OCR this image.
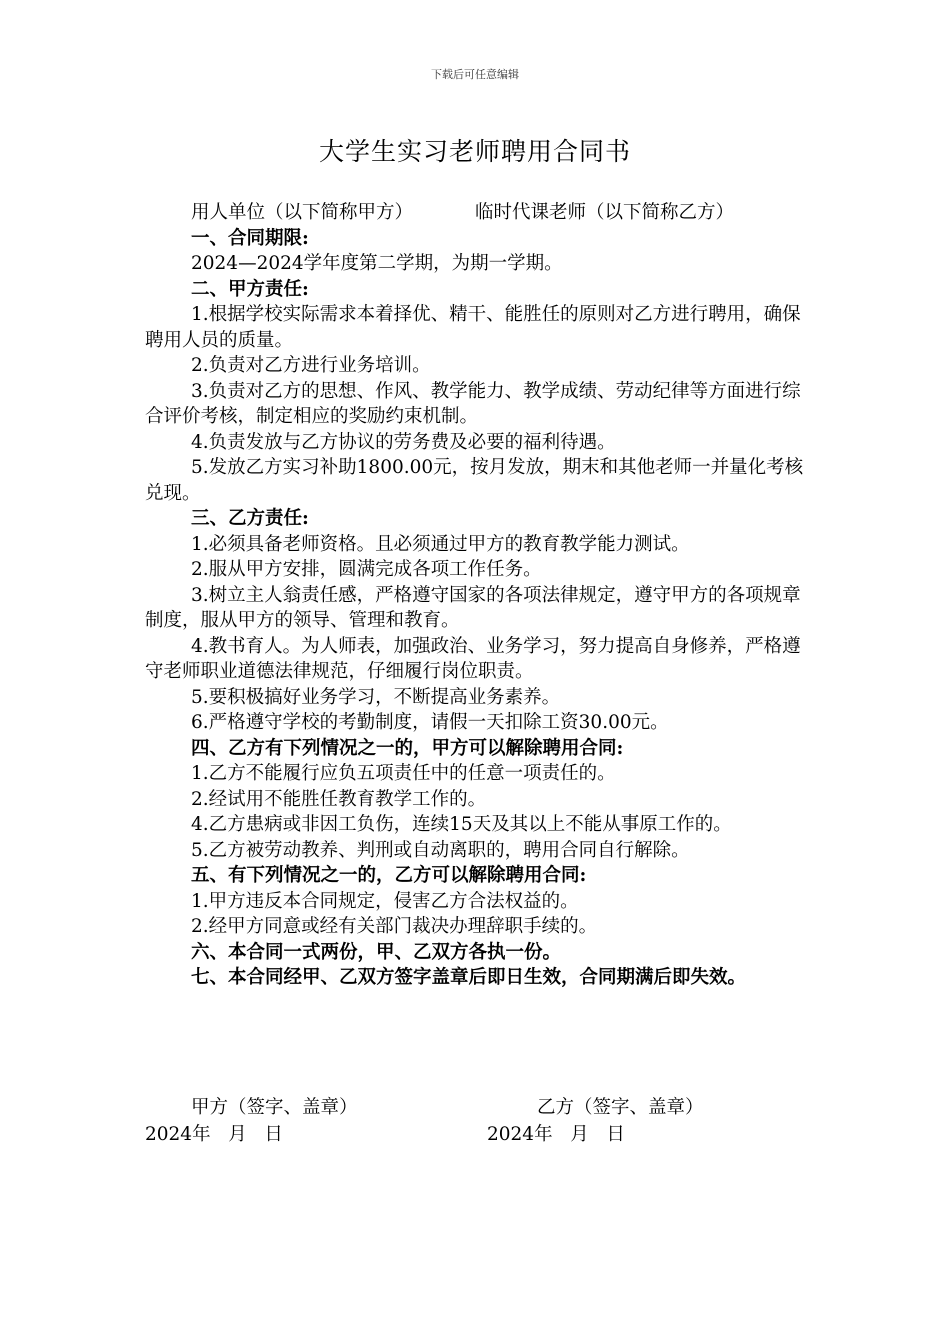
下载后可任意编辑
大学生实习老师聘用合同书

用人单位（以下简称甲方）	临时代课老师（以下简称乙方）

一、合同期限:

2024—2024学年度第二学期，为期一学期。

二、甲方责任:

1.根据学校实际需求本着择优、精干、能胜任的原则对乙方进行聘用，确保聘用人员的质量。

2.负责对乙方进行业务培训。

3.负责对乙方的思想、作风、教学能力、教学成绩、劳动纪律等方面进行综合评价考核，制定相应的奖励约束机制。

4.负责发放与乙方协议的劳务费及必要的福利待遇。

5.发放乙方实习补助1800.00元，按月发放，期末和其他老师一并量化考核兑现。

三、乙方责任:

1.必须具备老师资格。且必须通过甲方的教育教学能力测试。

2.服从甲方安排，圆满完成各项工作任务。

3.树立主人翁责任感，严格遵守国家的各项法律规定，遵守甲方的各项规章制度，服从甲方的领导、管理和教育。

4.教书育人。为人师表，加强政治、业务学习，努力提高自身修养，严格遵守老师职业道德法律规范，仔细履行岗位职责。

5.要积极搞好业务学习，不断提高业务素养。

6.严格遵守学校的考勤制度，请假一天扣除工资30.00元。

四、乙方有下列情况之一的，甲方可以解除聘用合同:

1.乙方不能履行应负五项责任中的任意一项责任的。

2.经试用不能胜任教育教学工作的。

4.乙方患病或非因工负伤，连续15天及其以上不能从事原工作的。

5.乙方被劳动教养、判刑或自动离职的，聘用合同自行解除。

五、有下列情况之一的，乙方可以解除聘用合同:

1.甲方违反本合同规定，侵害乙方合法权益的。

2.经甲方同意或经有关部门裁决办理辞职手续的。

六、本合同一式两份，甲、乙双方各执一份。

七、本合同经甲、乙双方签字盖章后即日生效，合同期满后即失效。

甲方（签字、盖章）	乙方（签字、盖章）
2024年   月   日	2024年   月   日
